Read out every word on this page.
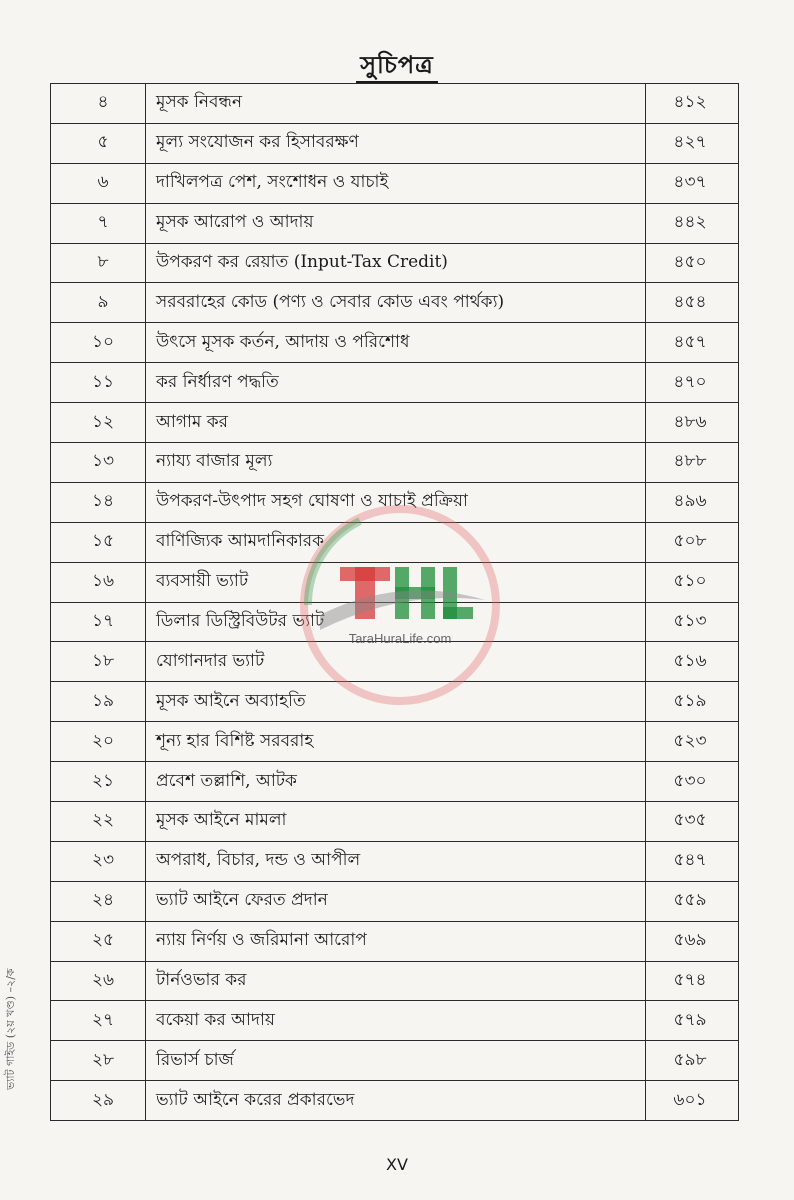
সুচিপত্র
৪	মূসক নিবন্ধন	৪১২
৫	মূল্য সংযোজন কর হিসাবরক্ষণ	৪২৭
৬	দাখিলপত্র পেশ, সংশোধন ও যাচাই	৪৩৭
৭	মূসক আরোপ ও আদায়	৪৪২
৮	উপকরণ কর রেয়াত (Input-Tax Credit)	৪৫০
৯	সরবরাহের কোড (পণ্য ও সেবার কোড এবং পার্থক্য)	৪৫৪
১০	উৎসে মূসক কর্তন, আদায় ও পরিশোধ	৪৫৭
১১	কর নির্ধারণ পদ্ধতি	৪৭০
১২	আগাম কর	৪৮৬
১৩	ন্যায্য বাজার মূল্য	৪৮৮
১৪	উপকরণ-উৎপাদ সহগ ঘোষণা ও যাচাই প্রক্রিয়া	৪৯৬
১৫	বাণিজ্যিক আমদানিকারক	৫০৮
১৬	ব্যবসায়ী ভ্যাট	৫১০
১৭	ডিলার ডিস্ট্রিবিউটর ভ্যাট	৫১৩
১৮	যোগানদার ভ্যাট	৫১৬
১৯	মূসক আইনে অব্যাহতি	৫১৯
২০	শূন্য হার বিশিষ্ট সরবরাহ	৫২৩
২১	প্রবেশ তল্লাশি, আটক	৫৩০
২২	মূসক আইনে মামলা	৫৩৫
২৩	অপরাধ, বিচার, দন্ড ও আপীল	৫৪৭
২৪	ভ্যাট আইনে ফেরত প্রদান	৫৫৯
২৫	ন্যায় নির্ণয় ও জরিমানা আরোপ	৫৬৯
২৬	টার্নওভার কর	৫৭৪
২৭	বকেয়া কর আদায়	৫৭৯
২৮	রিভার্স চার্জ	৫৯৮
২৯	ভ্যাট আইনে করের প্রকারভেদ	৬০১
TaraHuraLife.com
XV
ভ্যাট গাইড (২য় খণ্ড) –২/ক
